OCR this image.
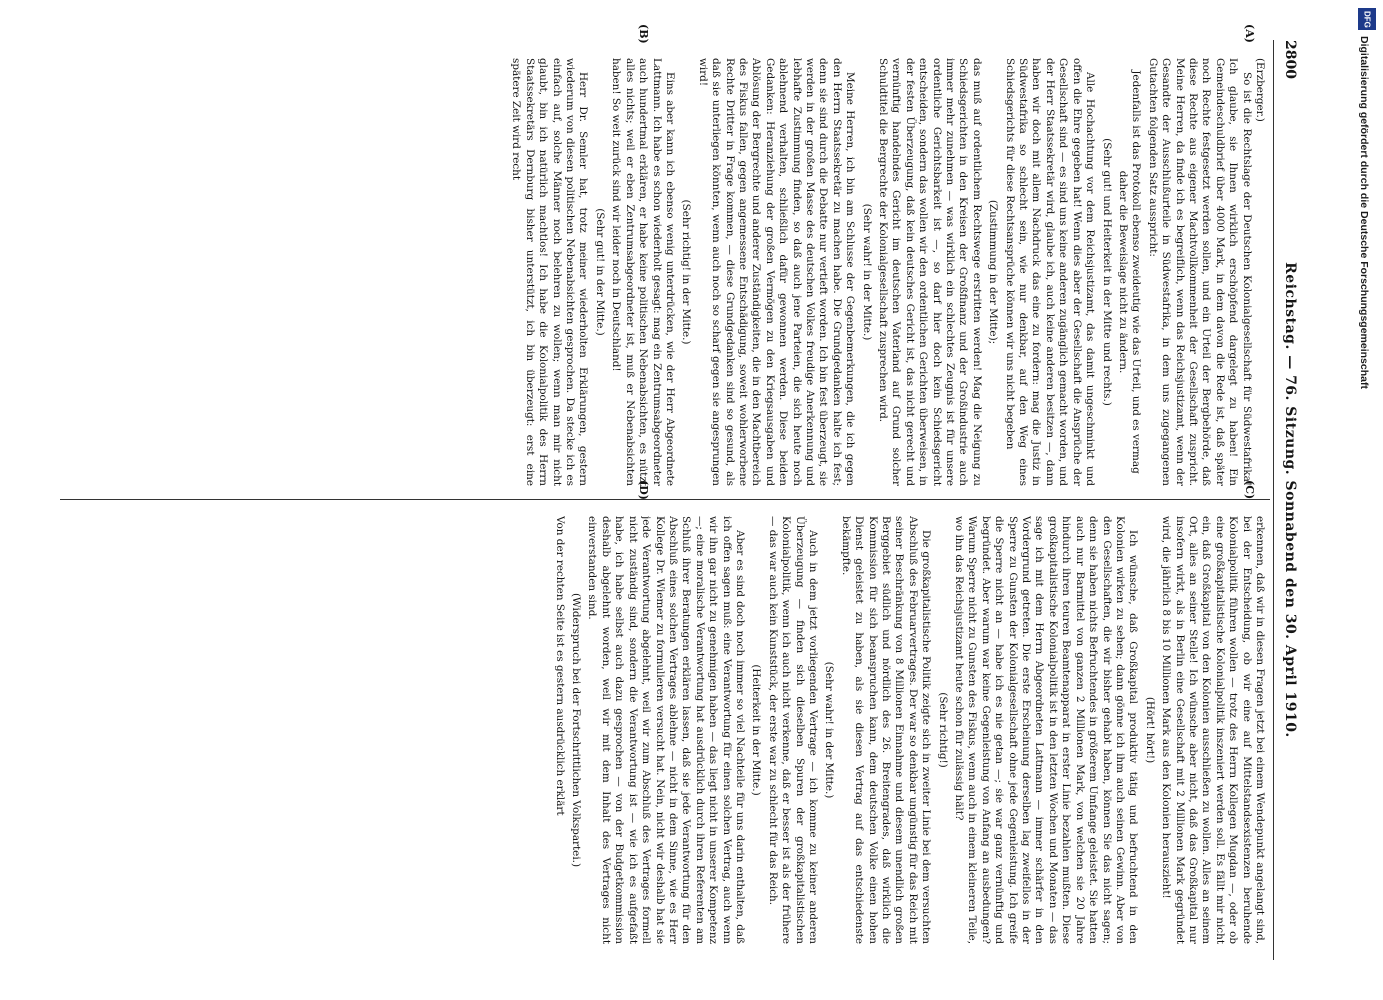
2800
Reichstag. — 76. Sitzung. Sonnabend den 30. April 1910.
(A)
(B)
(C)
(D)

(Erzberger.)

So ist die Rechtslage der Deutschen Kolonialgesellschaft für Südwestafrika! Ich glaube, sie Ihnen wirklich erschöpfend dargelegt zu haben! Ein Gemeindeschuldbrief über 4000 Mark, in dem davon die Rede ist, daß später noch Rechte festgesetzt werden sollen, und ein Urteil der Bergbehörde, daß diese Rechte aus eigener Machtvollkommenheit der Gesellschaft zuspricht. Meine Herren, da finde ich es begreiflich, wenn das Reichsjustizamt, wenn der Gesandte der Ausschlußurteile in Südwestafrika, in dem uns zugegangenen Gutachten folgenden Satz ausspricht:

Jedenfalls ist das Protokoll ebenso zweideutig wie das Urteil, und es vermag daher die Beweislage nicht zu ändern.

(Sehr gut! und Heiterkeit in der Mitte und rechts.)

Alle Hochachtung vor dem Reichsjustizamt, das damit ungeschminkt und offen die Ehre gegeben hat! Wenn dies aber der Gesellschaft die Ansprüche der Gesellschaft sind — es sind uns keine anderen zugänglich gemacht worden, und der Herr Staatssekretär wird, glaube ich, auch keine anderen besitzen —, dann haben wir doch mit allem Nachdruck das eine zu fordern: mag die Justiz in Südwestafrika so schlecht sein, wie nur denkbar, auf den Weg eines Schiedsgerichts für diese Rechtsansprüche können wir uns nicht begeben

(Zustimmung in der Mitte);

das muß auf ordentlichem Rechtswege erstritten werden! Mag die Neigung zu Schiedsgerichten in den Kreisen der Großfinanz und der Großindustrie auch immer mehr zunehmen — was wirklich ein schlechtes Zeugnis ist für unsere ordentliche Gerichtsbarkeit ist —, so darf hier doch kein Schiedsgericht entscheiden, sondern das wollen wir den ordentlichen Gerichten überweisen, in der festen Überzeugung, daß kein deutsches Gericht ist, das nicht gerecht und vernünftig handelndes Gericht im deutschen Vaterland auf Grund solcher Schuldtitel die Bergrechte der Kolonialgesellschaft zusprechen wird.

(Sehr wahr! in der Mitte.)

Meine Herren, ich bin am Schlusse der Gegenbemerkungen, die ich gegen den Herrn Staatssekretär zu machen habe. Die Grundgedanken halte ich fest; denn sie sind durch die Debatte nur vertieft worden. Ich bin fest überzeugt, sie werden in der großen Masse des deutschen Volkes freudige Anerkennung und lebhafte Zustimmung finden, so daß auch jene Parteien, die sich heute noch ablehnend verhalten, schließlich dafür gewonnen werden. Diese beiden Gedanken: Heranziehung der großen Vermögen zu den Kriegsausgaben und Ablösung der Bergrechte und anderer Zuständigkeiten, die in den Machtbereich des Fiskus fallen, gegen angemessene Entschädigung, soweit wohlerworbene Rechte Dritter in Frage kommen, — diese Grundgedanken sind so gesund, als daß sie unterliegen könnten, wenn auch noch so scharf gegen sie angesprungen wird!

(Sehr richtig! in der Mitte.)

Eins aber kann ich ebenso wenig unterdrücken, wie der Herr Abgeordnete Lattmann. Ich habe es schon wiederholt gesagt: mag ein Zentrumsabgeordneter auch hundertmal erklären, er habe keine politischen Nebenabsichten, es nützt alles nichts; weil er eben Zentrumsabgeordneter ist, muß er Nebenabsichten haben! So weit zurück sind wir leider noch in Deutschland!

(Sehr gut! in der Mitte.)

Herr Dr. Semler hat, trotz meiner wiederholten Erklärungen, gestern wiederum von diesen politischen Nebenabsichten gesprochen. Da stecke ich es einfach auf, solche Männer noch belehren zu wollen; wenn man mir nicht glaubt, bin ich natürlich machtlos! Ich habe die Kolonialpolitik des Herrn Staatssekretärs Dernburg bisher unterstützt, ich bin überzeugt: erst eine spätere Zeit wird recht

erkennen, daß wir in diesen Fragen jetzt bei einem Wendepunkt angelangt sind, bei der Entscheidung, ob wir eine auf Mittelstandsexistenzen beruhende Kolonialpolitik führen wollen — trotz des Herrn Kollegen Mugdan —, oder ob eine großkapitalistische Kolonialpolitik inszeniert werden soll. Es fällt mir nicht ein, daß Großkapital von den Kolonien ausschließen zu wollen. Alles an seinem Ort, alles an seiner Stelle! Ich wünsche aber nicht, daß das Großkapital nur insofern wirkt, als in Berlin eine Gesellschaft mit 2 Millionen Mark gegründet wird, die jährlich 8 bis 10 Millionen Mark aus den Kolonien herauszieht!

(Hört! hört!)

Ich wünsche, daß Großkapital produktiv tätig und befruchtend in den Kolonien wirken zu sehen; dann gönne ich ihm auch seinen Gewinn. Aber von den Gesellschaften, die wir bisher gehabt haben, können Sie das nicht sagen; denn sie haben nichts Befruchtendes in größerem Umfange geleistet. Sie hatten auch nur Barmittel von ganzen 2 Millionen Mark, von welchen sie 20 Jahre hindurch ihren teuren Beamtenapparat in erster Linie bezahlen mußten. Diese großkapitalistische Kolonialpolitik ist in den letzten Wochen und Monaten — das sage ich mit dem Herrn Abgeordneten Lattmann — immer schärfer in den Vordergrund getreten. Die erste Erscheinung derselben lag zweifellos in der Sperre zu Gunsten der Kolonialgesellschaft ohne jede Gegenleistung. Ich greife die Sperre nicht an — habe ich es nie getan —; sie war ganz vernünftig und begründet. Aber warum war keine Gegenleistung von Anfang an ausbedungen? Warum Sperre nicht zu Gunsten des Fiskus, wenn auch in einem kleineren Teile, wo ihn das Reichsjustizamt heute schon für zulässig hält?

(Sehr richtig!)

Die großkapitalistische Politik zeigte sich in zweiter Linie bei dem versuchten Abschluß des Februarvertrages. Der war so denkbar ungünstig für das Reich mit seiner Beschränkung von 8 Millionen Einnahme und diesem unendlich großen Berggebiet südlich und nördlich des 26. Breitengrades, daß wirklich die Kommission für sich beanspruchen kann, dem deutschen Volke einen hohen Dienst geleistet zu haben, als sie diesen Vertrag auf das entschiedenste bekämpfte.

(Sehr wahr! in der Mitte.)

Auch in dem jetzt vorliegenden Vertrage — ich komme zu keiner anderen Überzeugung — finden sich dieselben Spuren der großkapitalistischen Kolonialpolitik, wenn ich auch nicht verkenne, daß er besser ist als der frühere — das war auch kein Kunststück, der erste war zu schlecht für das Reich.

(Heiterkeit in der Mitte.)

Aber es sind doch noch immer so viel Nachteile für uns darin enthalten, daß ich offen sagen muß: eine Verantwortung für einen solchen Vertrag, auch wenn wir ihn gar nicht zu genehmigen haben — das liegt nicht in unserer Kompetenz —; eine moralische Verantwortung hat ausdrücklich durch ihren Referenten am Schluß ihrer Beratungen erklären lassen, daß sie jede Verantwortung für den Abschluß eines solchen Vertrages ablehne — nicht in dem Sinne, wie es Herr Kollege Dr. Wiemer zu formulieren versucht hat. Nein, nicht wir deshalb hat sie jede Verantwortung abgelehnt, weil wir zum Abschluß des Vertrages formell nicht zuständig sind, sondern die Verantwortung ist — wie ich es aufgefaßt habe, ich habe selbst auch dazu gesprochen — von der Budgetkommission deshalb abgelehnt worden, weil wir mit dem Inhalt des Vertrages nicht einverstanden sind.

(Widerspruch bei der Fortschrittlichen Volkspartei.)

Von der rechten Seite ist es gestern ausdrücklich erklärt

DFG
Digitalisierung gefördert durch die Deutsche Forschungsgemeinschaft
